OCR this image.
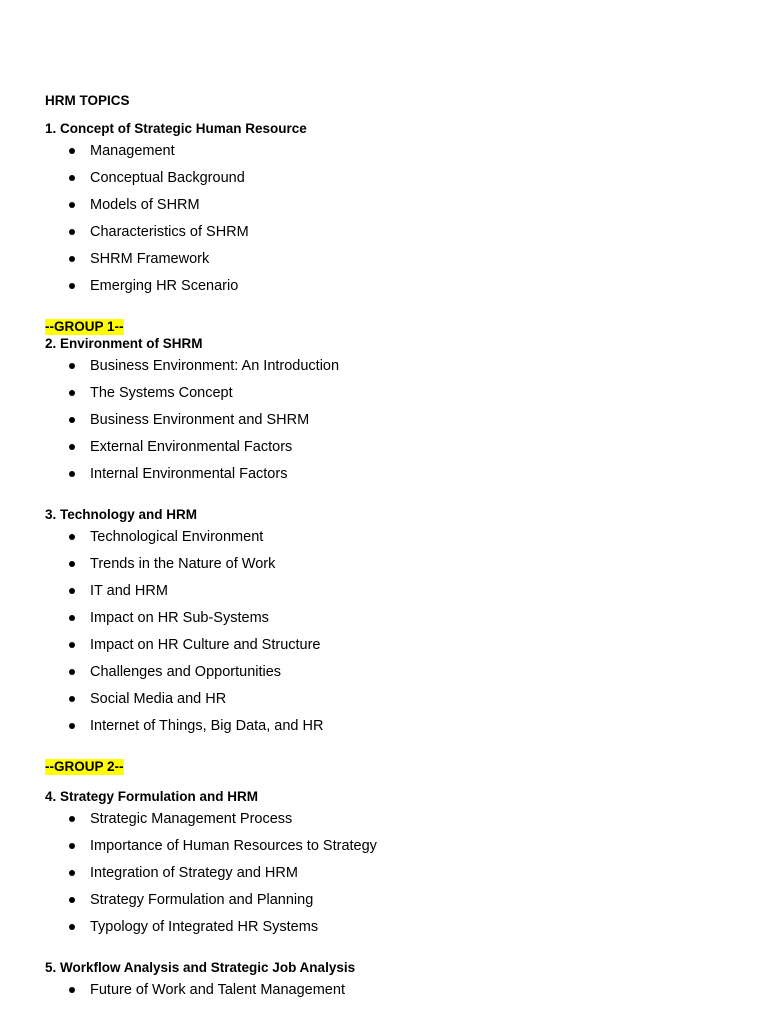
HRM TOPICS
1. Concept of Strategic Human Resource
Management
Conceptual Background
Models of SHRM
Characteristics of SHRM
SHRM Framework
Emerging HR Scenario
--GROUP 1--
2. Environment of SHRM
Business Environment: An Introduction
The Systems Concept
Business Environment and SHRM
External Environmental Factors
Internal Environmental Factors
3. Technology and HRM
Technological Environment
Trends in the Nature of Work
IT and HRM
Impact on HR Sub-Systems
Impact on HR Culture and Structure
Challenges and Opportunities
Social Media and HR
Internet of Things, Big Data, and HR
--GROUP 2--
4. Strategy Formulation and HRM
Strategic Management Process
Importance of Human Resources to Strategy
Integration of Strategy and HRM
Strategy Formulation and Planning
Typology of Integrated HR Systems
5. Workflow Analysis and Strategic Job Analysis
Future of Work and Talent Management
